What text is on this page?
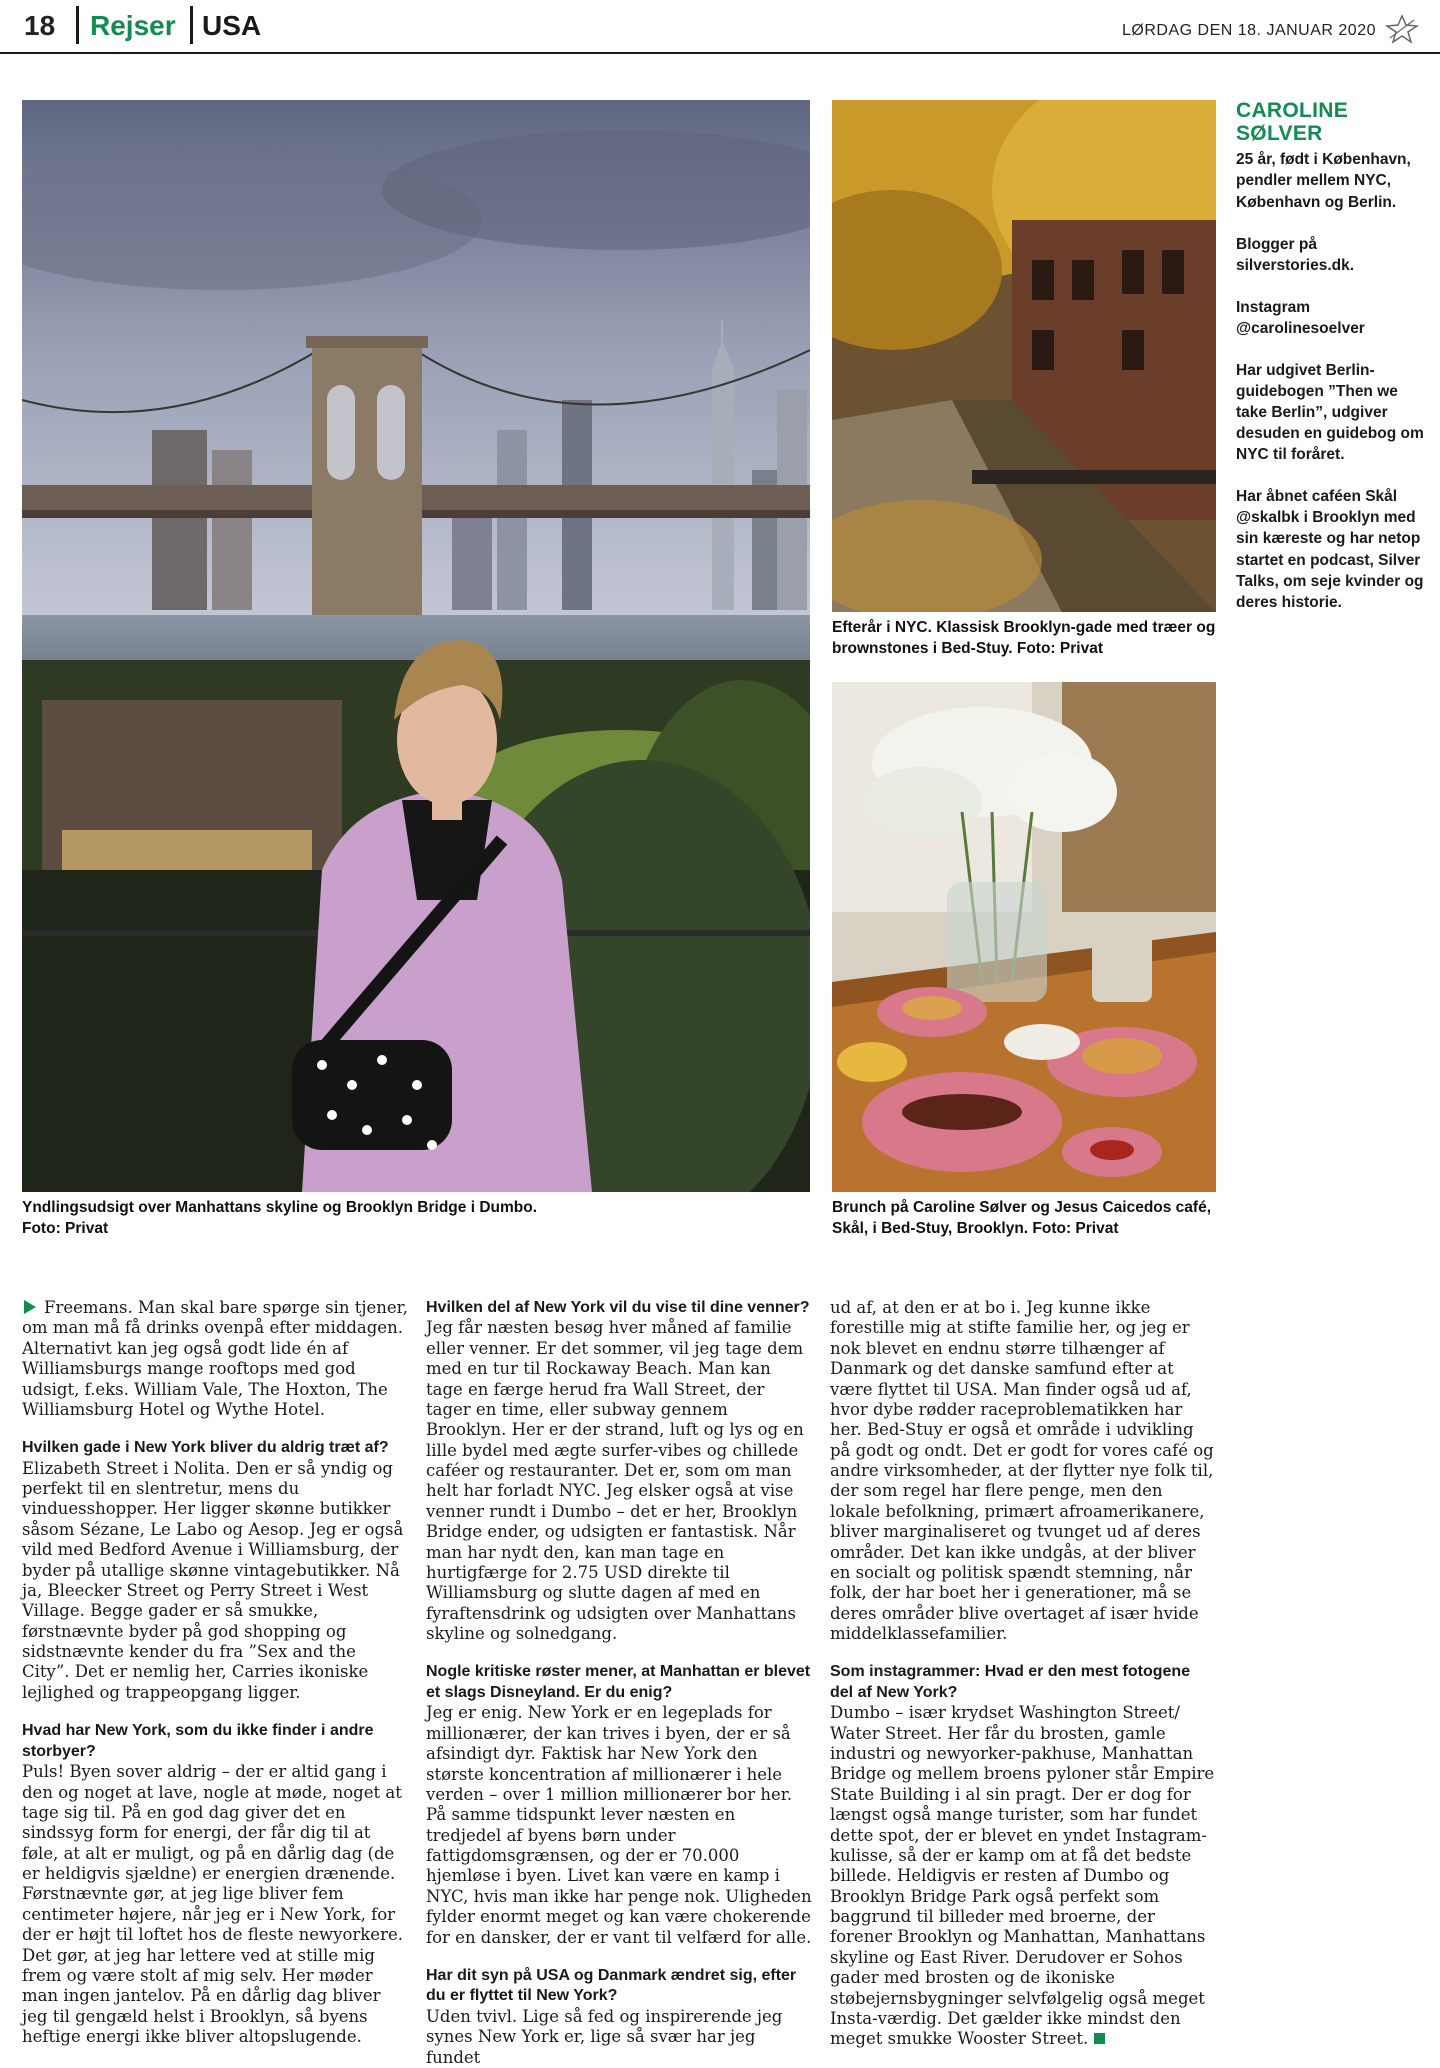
18 Rejser USA	LØRDAG DEN 18. JANUAR 2020
Yndlingsudsigt over Manhattans skyline og Brooklyn Bridge i Dumbo. Foto: Privat
Efterår i NYC. Klassisk Brooklyn-gade med træer og brownstones i Bed-Stuy. Foto: Privat
Brunch på Caroline Sølver og Jesus Caicedos café, Skål, i Bed-Stuy, Brooklyn. Foto: Privat
CAROLINE
SØLVER

25 år, født i København, pendler mellem NYC, København og Berlin.

Blogger på silverstories.dk.

Instagram @carolinesoelver

Har udgivet Berlin-guidebogen ”Then we take Berlin”, udgiver desuden en guidebog om NYC til foråret.

Har åbnet caféen Skål @skalbk i Brooklyn med sin kæreste og har netop startet en podcast, Silver Talks, om seje kvinder og deres historie.

Freemans. Man skal bare spørge sin tjener, om man må få drinks ovenpå efter middagen. Alternativt kan jeg også godt lide én af Williamsburgs mange rooftops med god udsigt, f.eks. William Vale, The Hoxton, The Williamsburg Hotel og Wythe Hotel.

Hvilken gade i New York bliver du aldrig træt af?

Elizabeth Street i Nolita. Den er så yndig og perfekt til en slentretur, mens du vinduesshopper. Her ligger skønne butikker såsom Sézane, Le Labo og Aesop. Jeg er også vild med Bedford Avenue i Williamsburg, der byder på utallige skønne vintagebutikker. Nå ja, Bleecker Street og Perry Street i West Village. Begge gader er så smukke, førstnævnte byder på god shopping og sidstnævnte kender du fra ”Sex and the City”. Det er nemlig her, Carries ikoniske lejlighed og trappeopgang ligger.

Hvad har New York, som du ikke finder i andre storbyer?

Puls! Byen sover aldrig – der er altid gang i den og noget at lave, nogle at møde, noget at tage sig til. På en god dag giver det en sindssyg form for energi, der får dig til at føle, at alt er muligt, og på en dårlig dag (de er heldigvis sjældne) er energien drænende. Førstnævnte gør, at jeg lige bliver fem centimeter højere, når jeg er i New York, for der er højt til loftet hos de fleste newyorkere. Det gør, at jeg har lettere ved at stille mig frem og være stolt af mig selv. Her møder man ingen jantelov. På en dårlig dag bliver jeg til gengæld helst i Brooklyn, så byens heftige energi ikke bliver altopslugende.

Hvilken del af New York vil du vise til dine venner?

Jeg får næsten besøg hver måned af familie eller venner. Er det sommer, vil jeg tage dem med en tur til Rockaway Beach. Man kan tage en færge herud fra Wall Street, der tager en time, eller subway gennem Brooklyn. Her er der strand, luft og lys og en lille bydel med ægte surfer-vibes og chillede caféer og restauranter. Det er, som om man helt har forladt NYC. Jeg elsker også at vise venner rundt i Dumbo – det er her, Brooklyn Bridge ender, og udsigten er fantastisk. Når man har nydt den, kan man tage en hurtigfærge for 2.75 USD direkte til Williamsburg og slutte dagen af med en fyraftensdrink og udsigten over Manhattans skyline og solnedgang.

Nogle kritiske røster mener, at Manhattan er blevet et slags Disneyland. Er du enig?

Jeg er enig. New York er en legeplads for millionærer, der kan trives i byen, der er så afsindigt dyr. Faktisk har New York den største koncentration af millionærer i hele verden – over 1 million millionærer bor her. På samme tidspunkt lever næsten en tredjedel af byens børn under fattigdomsgrænsen, og der er 70.000 hjemløse i byen. Livet kan være en kamp i NYC, hvis man ikke har penge nok. Uligheden fylder enormt meget og kan være chokerende for en dansker, der er vant til velfærd for alle.

Har dit syn på USA og Danmark ændret sig, efter du er flyttet til New York?

Uden tvivl. Lige så fed og inspirerende jeg synes New York er, lige så svær har jeg fundet

ud af, at den er at bo i. Jeg kunne ikke forestille mig at stifte familie her, og jeg er nok blevet en endnu større tilhænger af Danmark og det danske samfund efter at være flyttet til USA. Man finder også ud af, hvor dybe rødder raceproblematikken har her. Bed-Stuy er også et område i udvikling på godt og ondt. Det er godt for vores café og andre virksomheder, at der flytter nye folk til, der som regel har flere penge, men den lokale befolkning, primært afroamerikanere, bliver marginaliseret og tvunget ud af deres områder. Det kan ikke undgås, at der bliver en socialt og politisk spændt stemning, når folk, der har boet her i generationer, må se deres områder blive overtaget af især hvide middelklassefamilier.

Som instagrammer: Hvad er den mest fotogene del af New York?

Dumbo – især krydset Washington Street/ Water Street. Her får du brosten, gamle industri og newyorker-pakhuse, Manhattan Bridge og mellem broens pyloner står Empire State Building i al sin pragt. Der er dog for længst også mange turister, som har fundet dette spot, der er blevet en yndet Instagram-kulisse, så der er kamp om at få det bedste billede. Heldigvis er resten af Dumbo og Brooklyn Bridge Park også perfekt som baggrund til billeder med broerne, der forener Brooklyn og Manhattan, Manhattans skyline og East River. Derudover er Sohos gader med brosten og de ikoniske støbejernsbygninger selvfølgelig også meget Insta-værdig. Det gælder ikke mindst den meget smukke Wooster Street.
